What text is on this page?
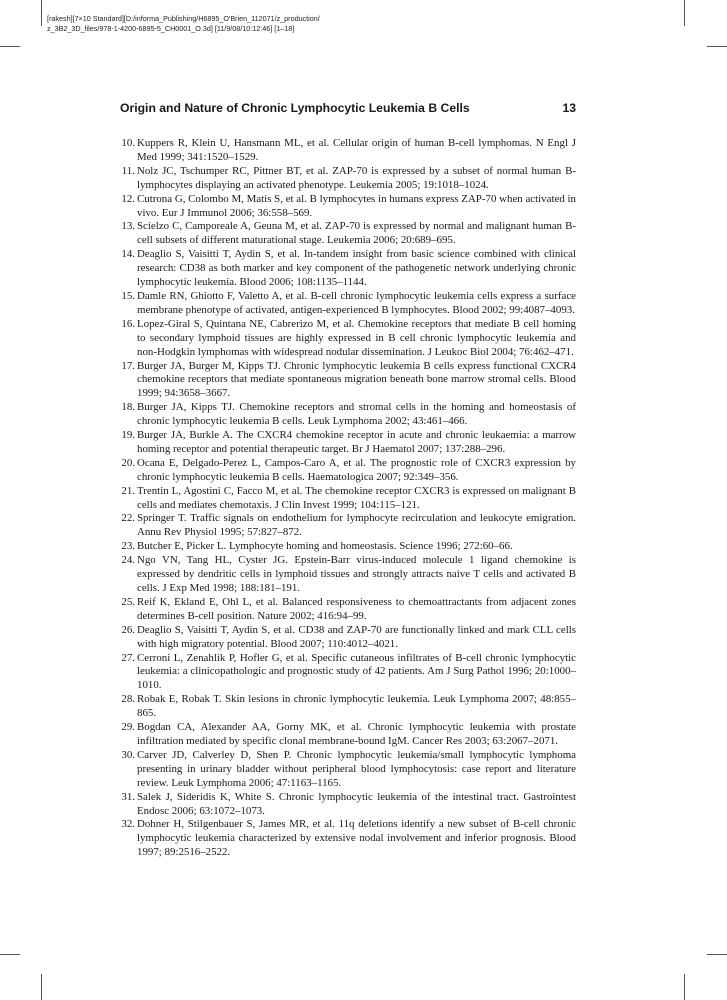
[rakesh][7×10 Standard][D:/informa_Publishing/H6895_O'Brien_112071/z_production/
z_3B2_3D_files/978-1-4200-6895-5_CH0001_O.3d] [11/9/08/10:12:46] [1–18]
Origin and Nature of Chronic Lymphocytic Leukemia B Cells	13
10 . Kuppers R, Klein U, Hansmann ML, et al. Cellular origin of human B-cell lymphomas. N Engl J Med 1999; 341:1520–1529.
11 . Nolz JC, Tschumper RC, Pittner BT, et al. ZAP-70 is expressed by a subset of normal human B-lymphocytes displaying an activated phenotype. Leukemia 2005; 19:1018–1024.
12 . Cutrona G, Colombo M, Matis S, et al. B lymphocytes in humans express ZAP-70 when activated in vivo. Eur J Immunol 2006; 36:558–569.
13 . Scielzo C, Camporeale A, Geuna M, et al. ZAP-70 is expressed by normal and malignant human B-cell subsets of different maturational stage. Leukemia 2006; 20:689–695.
14 . Deaglio S, Vaisitti T, Aydin S, et al. In-tandem insight from basic science combined with clinical research: CD38 as both marker and key component of the pathogenetic network underlying chronic lymphocytic leukemia. Blood 2006; 108:1135–1144.
15 . Damle RN, Ghiotto F, Valetto A, et al. B-cell chronic lymphocytic leukemia cells express a surface membrane phenotype of activated, antigen-experienced B lymphocytes. Blood 2002; 99:4087–4093.
16 . Lopez-Giral S, Quintana NE, Cabrerizo M, et al. Chemokine receptors that mediate B cell homing to secondary lymphoid tissues are highly expressed in B cell chronic lymphocytic leukemia and non-Hodgkin lymphomas with widespread nodular dissemination. J Leukoc Biol 2004; 76:462–471.
17 . Burger JA, Burger M, Kipps TJ. Chronic lymphocytic leukemia B cells express functional CXCR4 chemokine receptors that mediate spontaneous migration beneath bone marrow stromal cells. Blood 1999; 94:3658–3667.
18 . Burger JA, Kipps TJ. Chemokine receptors and stromal cells in the homing and homeostasis of chronic lymphocytic leukemia B cells. Leuk Lymphoma 2002; 43:461–466.
19 . Burger JA, Burkle A. The CXCR4 chemokine receptor in acute and chronic leukaemia: a marrow homing receptor and potential therapeutic target. Br J Haematol 2007; 137:288–296.
20 . Ocana E, Delgado-Perez L, Campos-Caro A, et al. The prognostic role of CXCR3 expression by chronic lymphocytic leukemia B cells. Haematologica 2007; 92:349–356.
21 . Trentin L, Agostini C, Facco M, et al. The chemokine receptor CXCR3 is expressed on malignant B cells and mediates chemotaxis. J Clin Invest 1999; 104:115–121.
22 . Springer T. Traffic signals on endothelium for lymphocyte recirculation and leukocyte emigration. Annu Rev Physiol 1995; 57:827–872.
23 . Butcher E, Picker L. Lymphocyte homing and homeostasis. Science 1996; 272:60–66.
24 . Ngo VN, Tang HL, Cyster JG. Epstein-Barr virus-induced molecule 1 ligand chemokine is expressed by dendritic cells in lymphoid tissues and strongly attracts naive T cells and activated B cells. J Exp Med 1998; 188:181–191.
25 . Reif K, Ekland E, Ohl L, et al. Balanced responsiveness to chemoattractants from adjacent zones determines B-cell position. Nature 2002; 416:94–99.
26 . Deaglio S, Vaisitti T, Aydin S, et al. CD38 and ZAP-70 are functionally linked and mark CLL cells with high migratory potential. Blood 2007; 110:4012–4021.
27 . Cerroni L, Zenahlik P, Hofler G, et al. Specific cutaneous infiltrates of B-cell chronic lymphocytic leukemia: a clinicopathologic and prognostic study of 42 patients. Am J Surg Pathol 1996; 20:1000–1010.
28 . Robak E, Robak T. Skin lesions in chronic lymphocytic leukemia. Leuk Lymphoma 2007; 48:855–865.
29 . Bogdan CA, Alexander AA, Gorny MK, et al. Chronic lymphocytic leukemia with prostate infiltration mediated by specific clonal membrane-bound IgM. Cancer Res 2003; 63:2067–2071.
30 . Carver JD, Calverley D, Shen P. Chronic lymphocytic leukemia/small lymphocytic lymphoma presenting in urinary bladder without peripheral blood lymphocytosis: case report and literature review. Leuk Lymphoma 2006; 47:1163–1165.
31 . Salek J, Sideridis K, White S. Chronic lymphocytic leukemia of the intestinal tract. Gastrointest Endosc 2006; 63:1072–1073.
32 . Dohner H, Stilgenbauer S, James MR, et al. 11q deletions identify a new subset of B-cell chronic lymphocytic leukemia characterized by extensive nodal involvement and inferior prognosis. Blood 1997; 89:2516–2522.
